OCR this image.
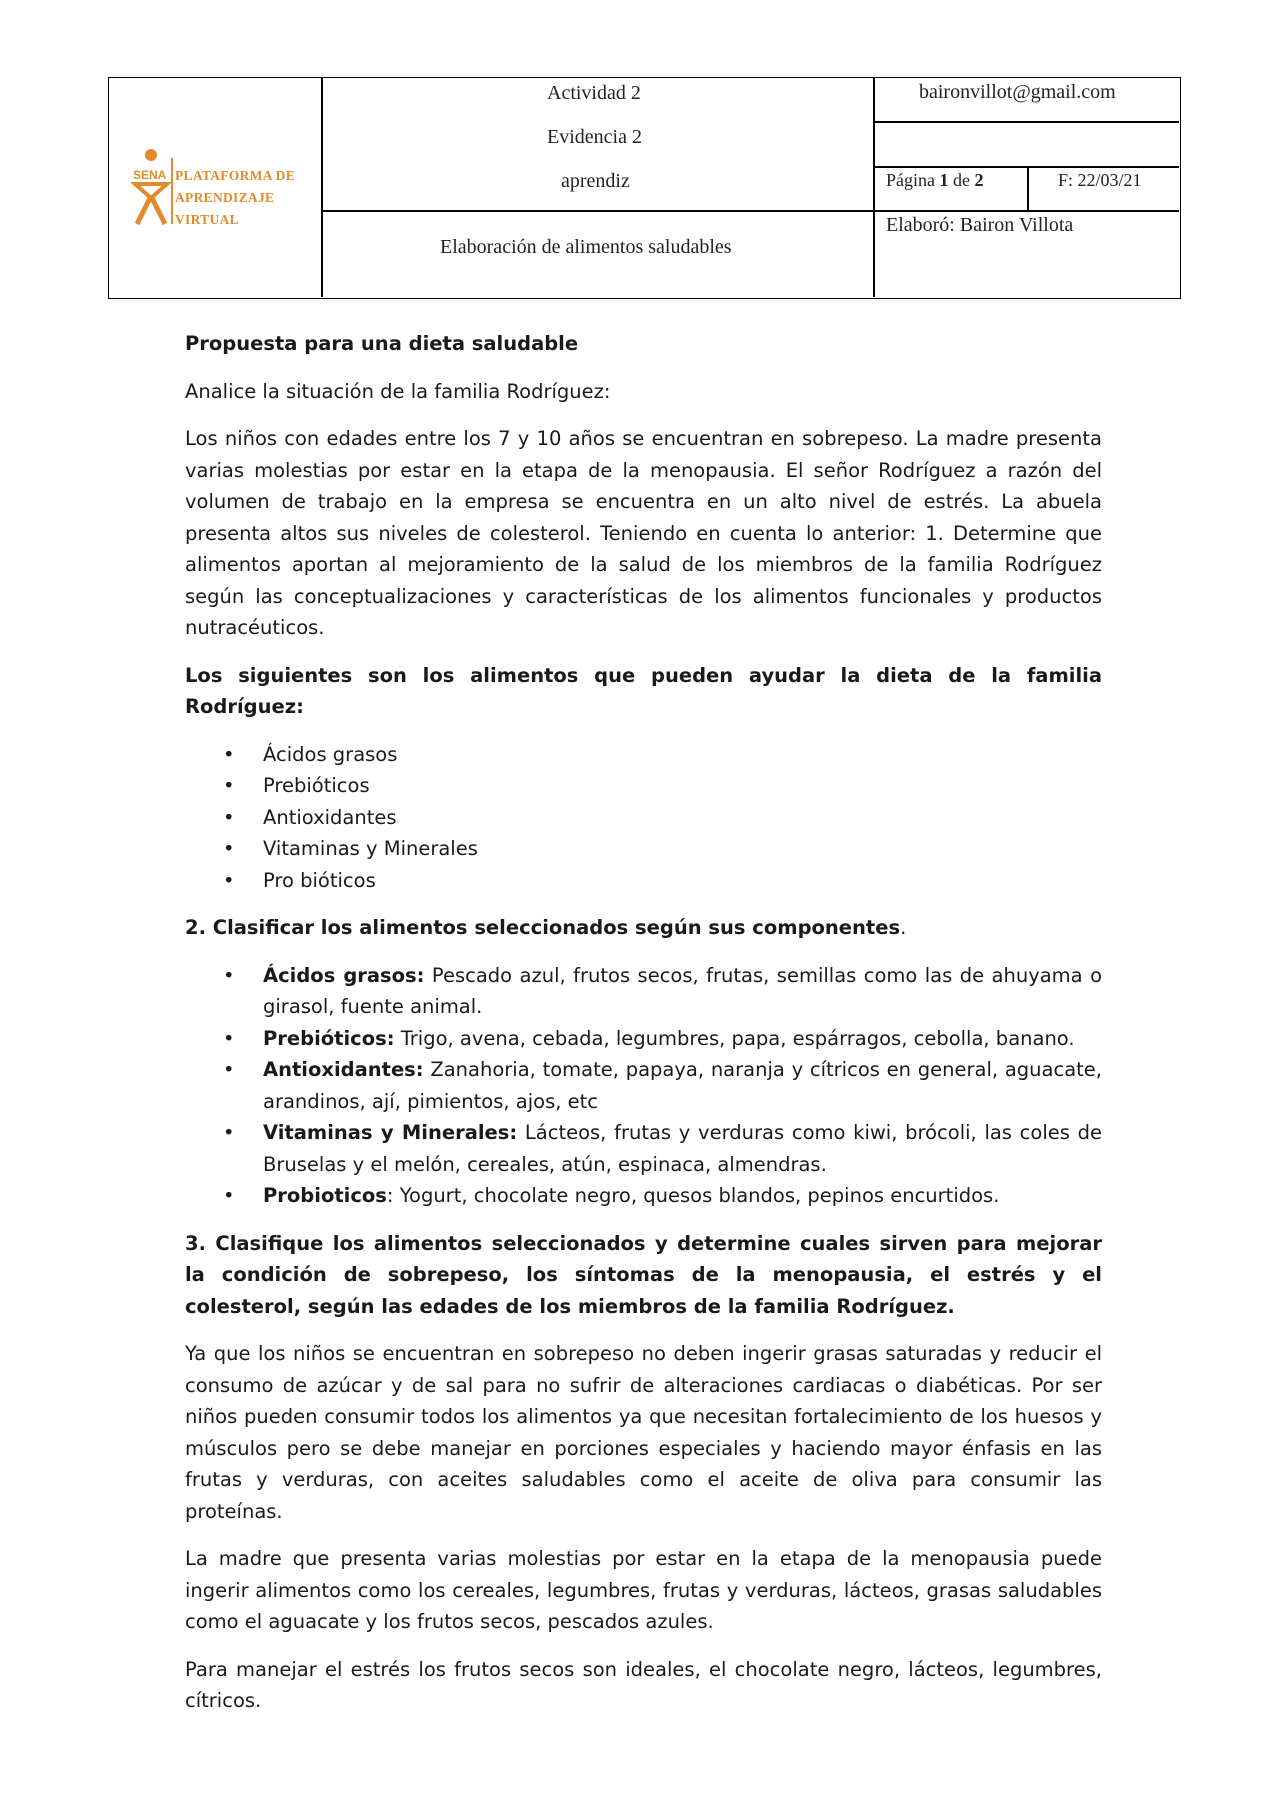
SENA PLATAFORMA DE
APRENDIZAJE VIRTUAL
Actividad 2
Evidencia 2
aprendiz
Elaboración de alimentos saludables
baironvillot@gmail.com
Página 1 de 2	F: 22/03/21
Elaboró: Bairon Villota

Propuesta para una dieta saludable

Analice la situación de la familia Rodríguez:

Los niños con edades entre los 7 y 10 años se encuentran en sobrepeso. La madre presenta varias molestias por estar en la etapa de la menopausia. El señor Rodríguez a razón del volumen de trabajo en la empresa se encuentra en un alto nivel de estrés. La abuela presenta altos sus niveles de colesterol. Teniendo en cuenta lo anterior: 1. Determine que alimentos aportan al mejoramiento de la salud de los miembros de la familia Rodríguez según las conceptualizaciones y características de los alimentos funcionales y productos nutracéuticos.

Los siguientes son los alimentos que pueden ayudar la dieta de la familia Rodríguez:

• Ácidos grasos
• Prebióticos
• Antioxidantes
• Vitaminas y Minerales
• Pro bióticos

2. Clasificar los alimentos seleccionados según sus componentes.

• Ácidos grasos: Pescado azul, frutos secos, frutas, semillas como las de ahuyama o girasol, fuente animal.
• Prebióticos: Trigo, avena, cebada, legumbres, papa, espárragos, cebolla, banano.
• Antioxidantes: Zanahoria, tomate, papaya, naranja y cítricos en general, aguacate, arandinos, ají, pimientos, ajos, etc
• Vitaminas y Minerales: Lácteos, frutas y verduras como kiwi, brócoli, las coles de Bruselas y el melón, cereales, atún, espinaca, almendras.
• Probioticos: Yogurt, chocolate negro, quesos blandos, pepinos encurtidos.

3. Clasifique los alimentos seleccionados y determine cuales sirven para mejorar la condición de sobrepeso, los síntomas de la menopausia, el estrés y el colesterol, según las edades de los miembros de la familia Rodríguez.

Ya que los niños se encuentran en sobrepeso no deben ingerir grasas saturadas y reducir el consumo de azúcar y de sal para no sufrir de alteraciones cardiacas o diabéticas. Por ser niños pueden consumir todos los alimentos ya que necesitan fortalecimiento de los huesos y músculos pero se debe manejar en porciones especiales y haciendo mayor énfasis en las frutas y verduras, con aceites saludables como el aceite de oliva para consumir las proteínas.

La madre que presenta varias molestias por estar en la etapa de la menopausia puede ingerir alimentos como los cereales, legumbres, frutas y verduras, lácteos, grasas saludables como el aguacate y los frutos secos, pescados azules.

Para manejar el estrés los frutos secos son ideales, el chocolate negro, lácteos, legumbres, cítricos.
